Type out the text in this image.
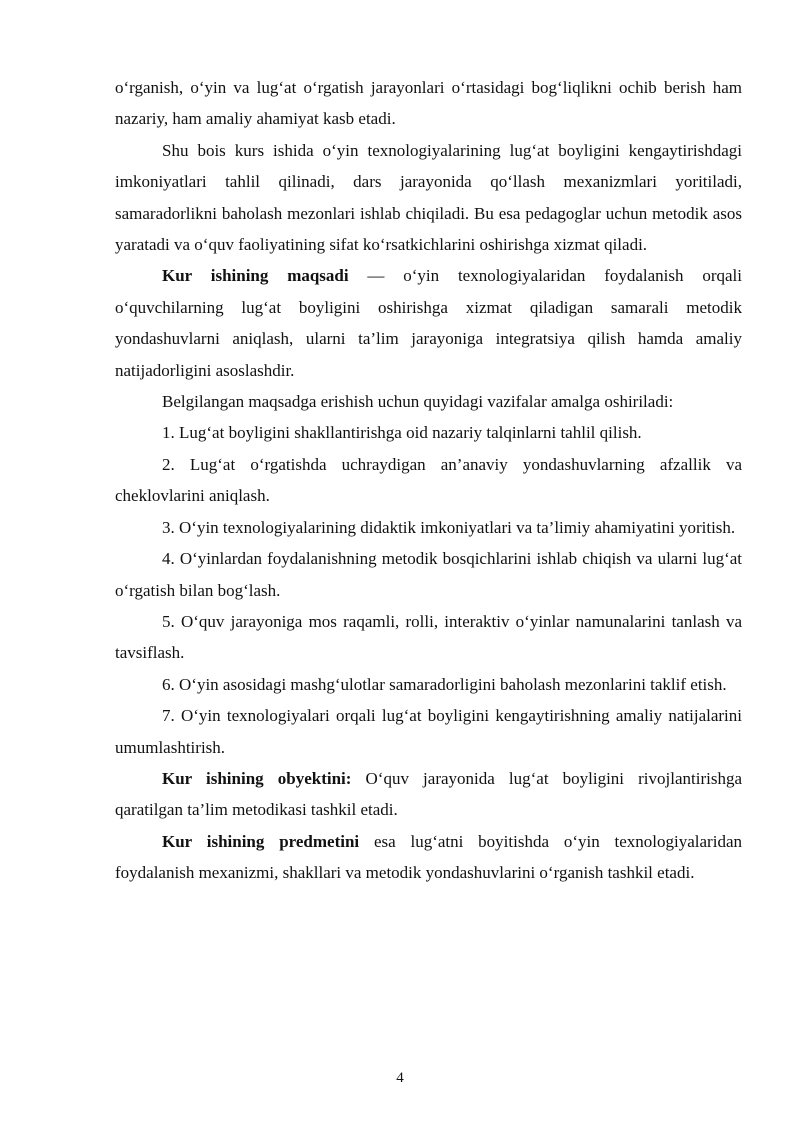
o‘rganish, o‘yin va lug‘at o‘rgatish jarayonlari o‘rtasidagi bog‘liqlikni ochib berish ham nazariy, ham amaliy ahamiyat kasb etadi.

Shu bois kurs ishida o‘yin texnologiyalarining lug‘at boyligini kengaytirishdagi imkoniyatlari tahlil qilinadi, dars jarayonida qo‘llash mexanizmlari yoritiladi, samaradorlikni baholash mezonlari ishlab chiqiladi. Bu esa pedagoglar uchun metodik asos yaratadi va o‘quv faoliyatining sifat ko‘rsatkichlarini oshirishga xizmat qiladi.

Kur ishining maqsadi — o‘yin texnologiyalaridan foydalanish orqali o‘quvchilarning lug‘at boyligini oshirishga xizmat qiladigan samarali metodik yondashuvlarni aniqlash, ularni ta’lim jarayoniga integratsiya qilish hamda amaliy natijadorligini asoslashdir.

Belgilangan maqsadga erishish uchun quyidagi vazifalar amalga oshiriladi:

1. Lug‘at boyligini shakllantirishga oid nazariy talqinlarni tahlil qilish.

2. Lug‘at o‘rgatishda uchraydigan an’anaviy yondashuvlarning afzallik va cheklovlarini aniqlash.

3. O‘yin texnologiyalarining didaktik imkoniyatlari va ta’limiy ahamiyatini yoritish.

4. O‘yinlardan foydalanishning metodik bosqichlarini ishlab chiqish va ularni lug‘at o‘rgatish bilan bog‘lash.

5. O‘quv jarayoniga mos raqamli, rolli, interaktiv o‘yinlar namunalarini tanlash va tavsiflash.

6. O‘yin asosidagi mashg‘ulotlar samaradorligini baholash mezonlarini taklif etish.

7. O‘yin texnologiyalari orqali lug‘at boyligini kengaytirishning amaliy natijalarini umumlashtirish.

Kur ishining obyektini: O‘quv jarayonida lug‘at boyligini rivojlantirishga qaratilgan ta’lim metodikasi tashkil etadi.

Kur ishining predmetini esa lug‘atni boyitishda o‘yin texnologiyalaridan foydalanish mexanizmi, shakllari va metodik yondashuvlarini o‘rganish tashkil etadi.

4
